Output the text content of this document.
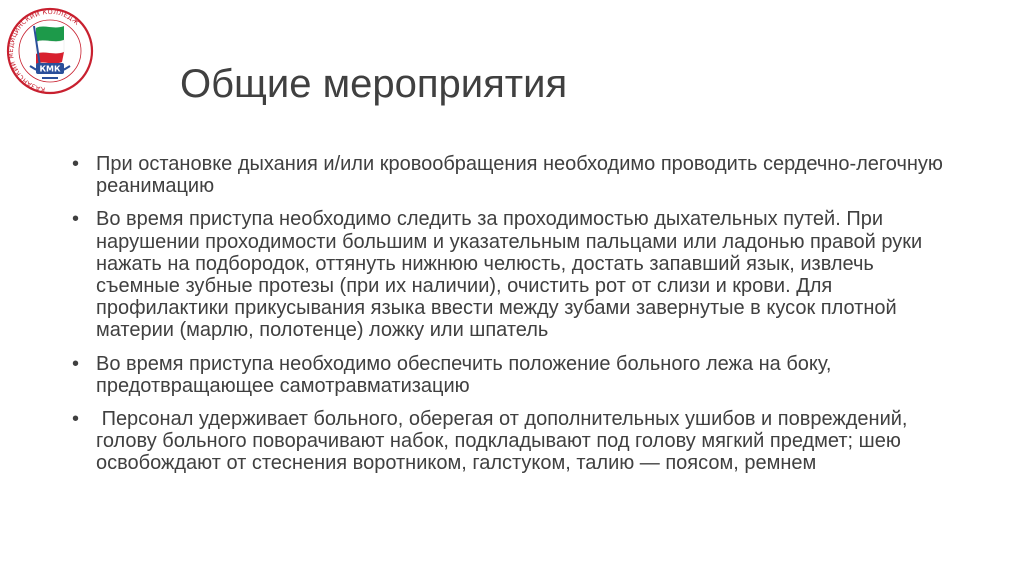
КАЗАНСКИЙ МЕДИЦИНСКИЙ КОЛЛЕДЖ
КМК	Общие мероприятия
• При остановке дыхания и/или кровообращения необходимо проводить сердечно-легочную реанимацию
• Во время приступа необходимо следить за проходимостью дыхательных путей. При нарушении проходимости большим и указательным пальцами или ладонью правой руки нажать на подбородок, оттянуть нижнюю челюсть, достать запавший язык, извлечь съемные зубные протезы (при их наличии), очистить рот от слизи и крови. Для профилактики прикусывания языка ввести между зубами завернутые в кусок плотной материи (марлю, полотенце) ложку или шпатель
• Во время приступа необходимо обеспечить положение больного лежа на боку, предотвращающее самотравматизацию
• Персонал удерживает больного, оберегая от дополнительных ушибов и повреждений, голову больного поворачивают набок, подкладывают под голову мягкий предмет; шею освобождают от стеснения воротником, галстуком, талию — поясом, ремнем
